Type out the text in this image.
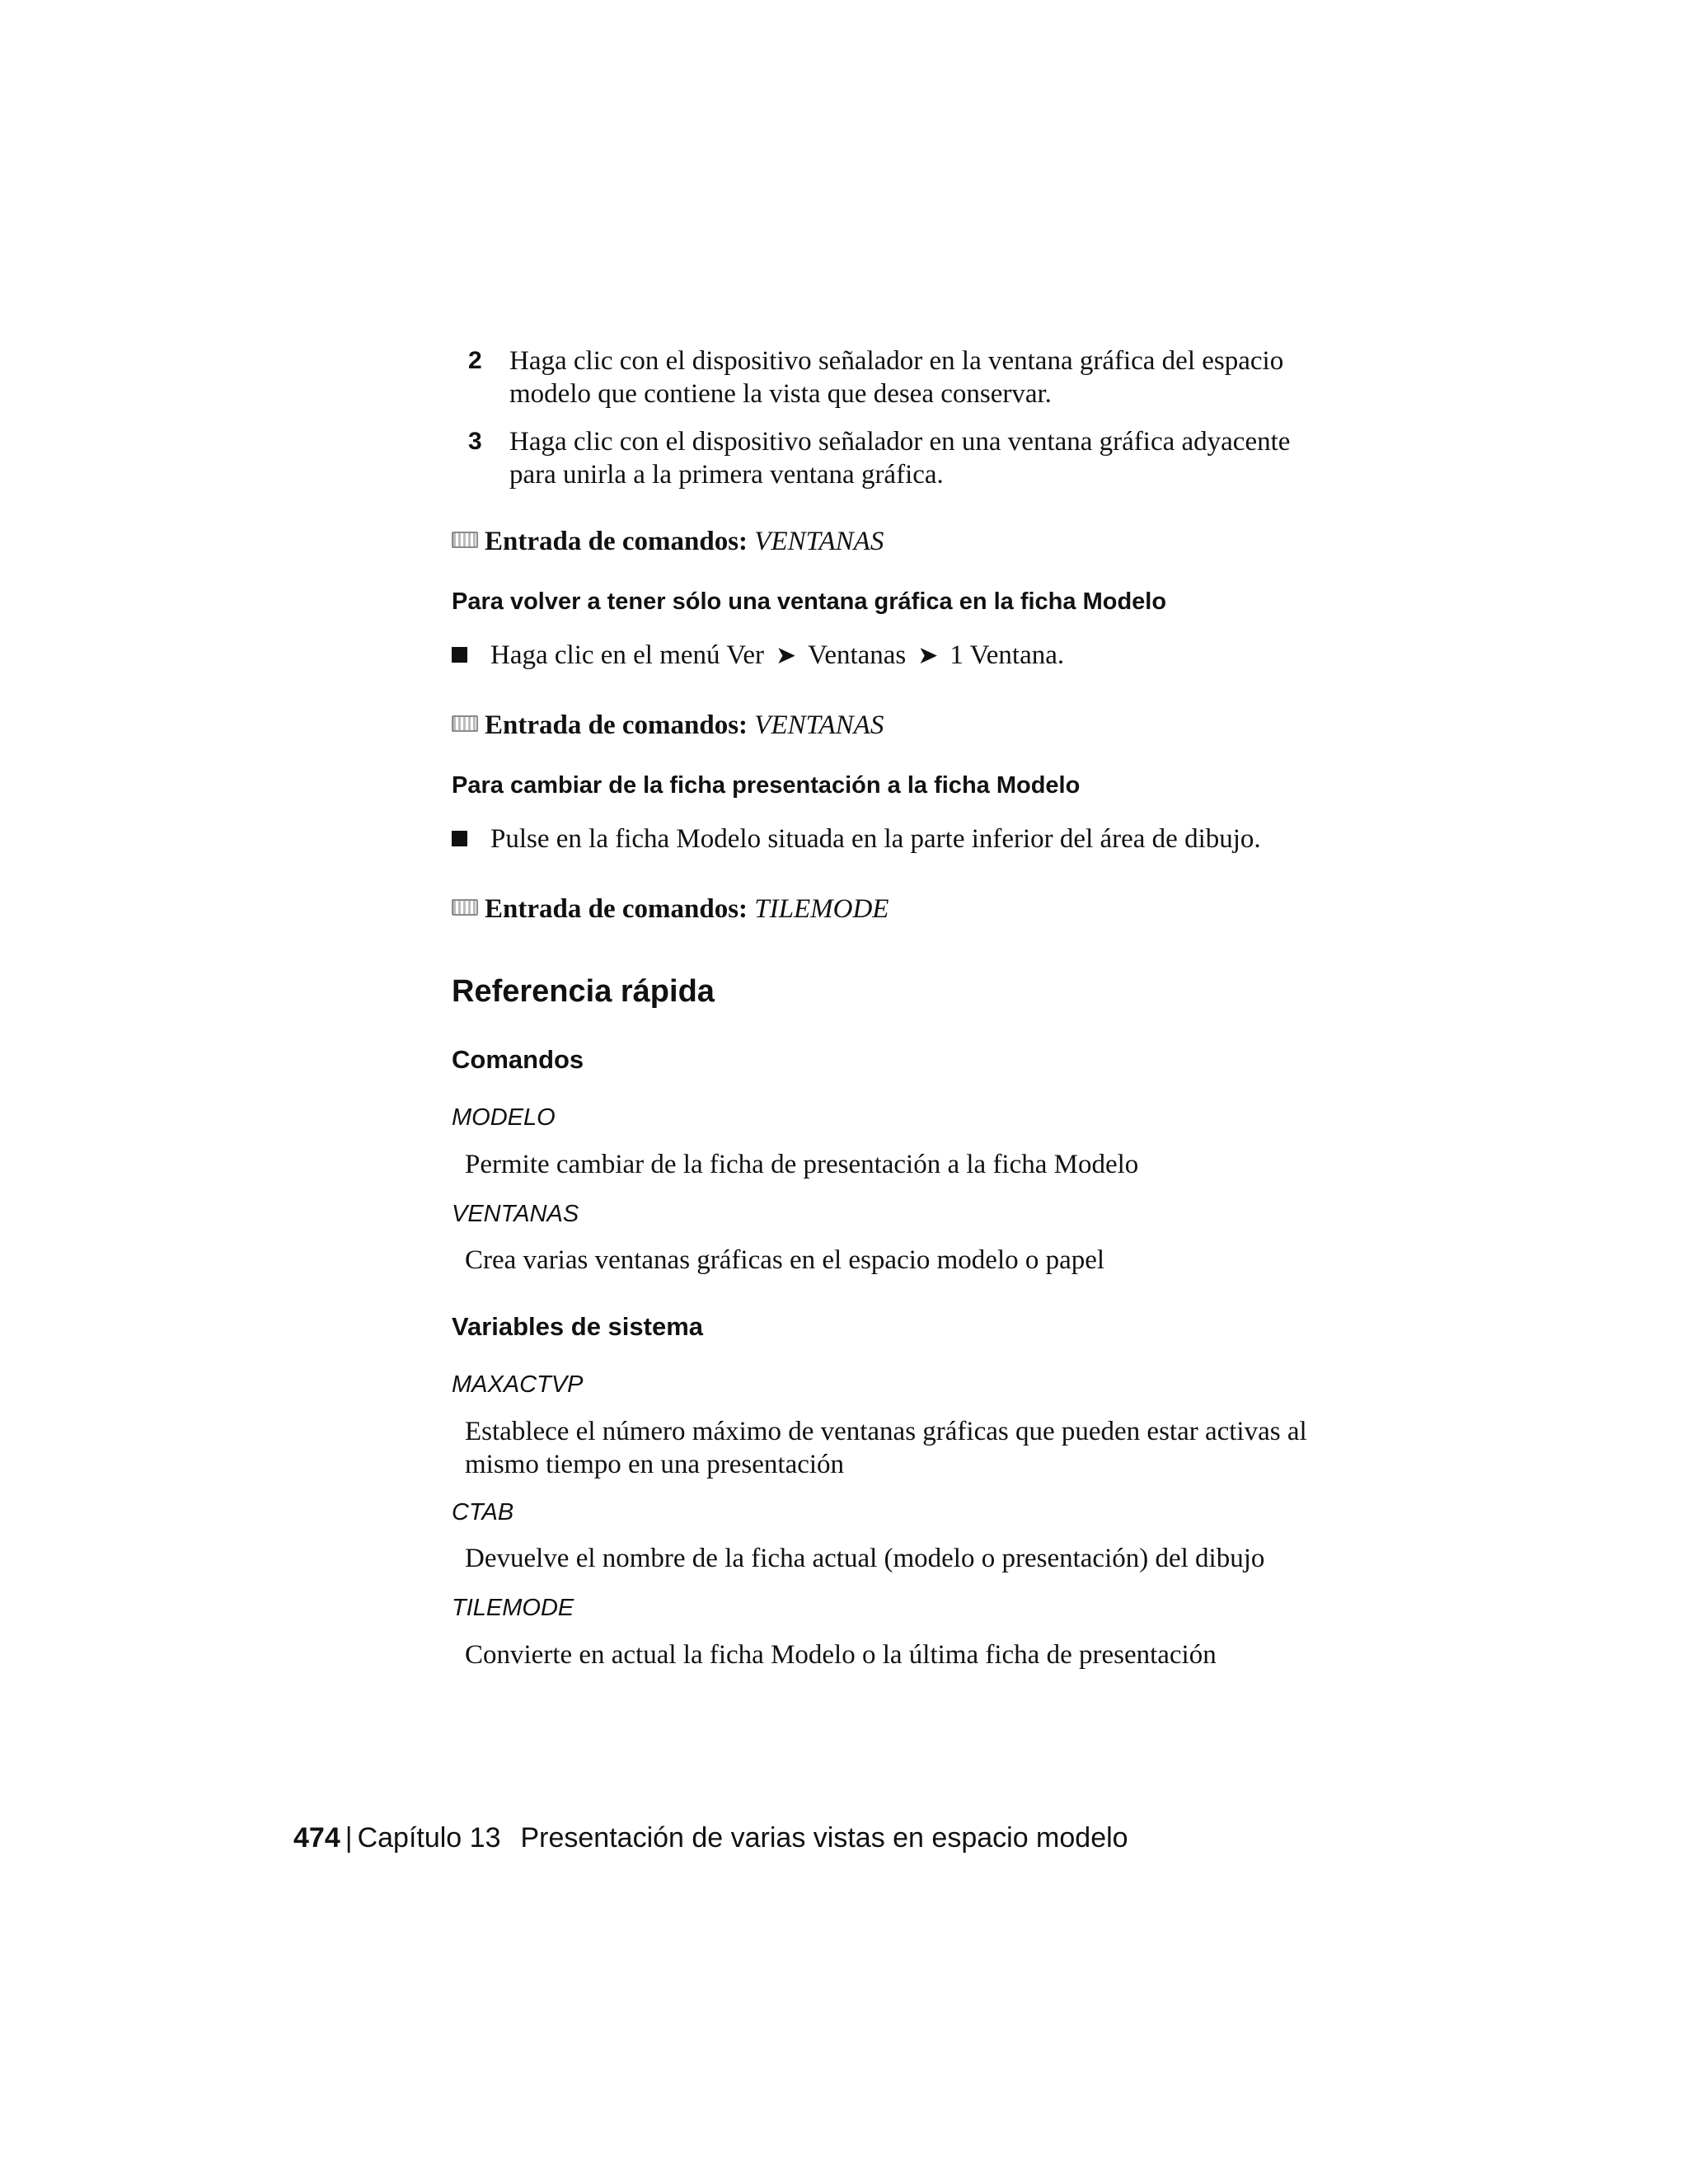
2 Haga clic con el dispositivo señalador en la ventana gráfica del espacio modelo que contiene la vista que desea conservar.
3 Haga clic con el dispositivo señalador en una ventana gráfica adyacente para unirla a la primera ventana gráfica.
Entrada de comandos: VENTANAS
Para volver a tener sólo una ventana gráfica en la ficha Modelo
Haga clic en el menú Ver ➤ Ventanas ➤ 1 Ventana.
Entrada de comandos: VENTANAS
Para cambiar de la ficha presentación a la ficha Modelo
Pulse en la ficha Modelo situada en la parte inferior del área de dibujo.
Entrada de comandos: TILEMODE
Referencia rápida
Comandos
MODELO
Permite cambiar de la ficha de presentación a la ficha Modelo
VENTANAS
Crea varias ventanas gráficas en el espacio modelo o papel
Variables de sistema
MAXACTVP
Establece el número máximo de ventanas gráficas que pueden estar activas al mismo tiempo en una presentación
CTAB
Devuelve el nombre de la ficha actual (modelo o presentación) del dibujo
TILEMODE
Convierte en actual la ficha Modelo o la última ficha de presentación
474 | Capítulo 13 Presentación de varias vistas en espacio modelo
